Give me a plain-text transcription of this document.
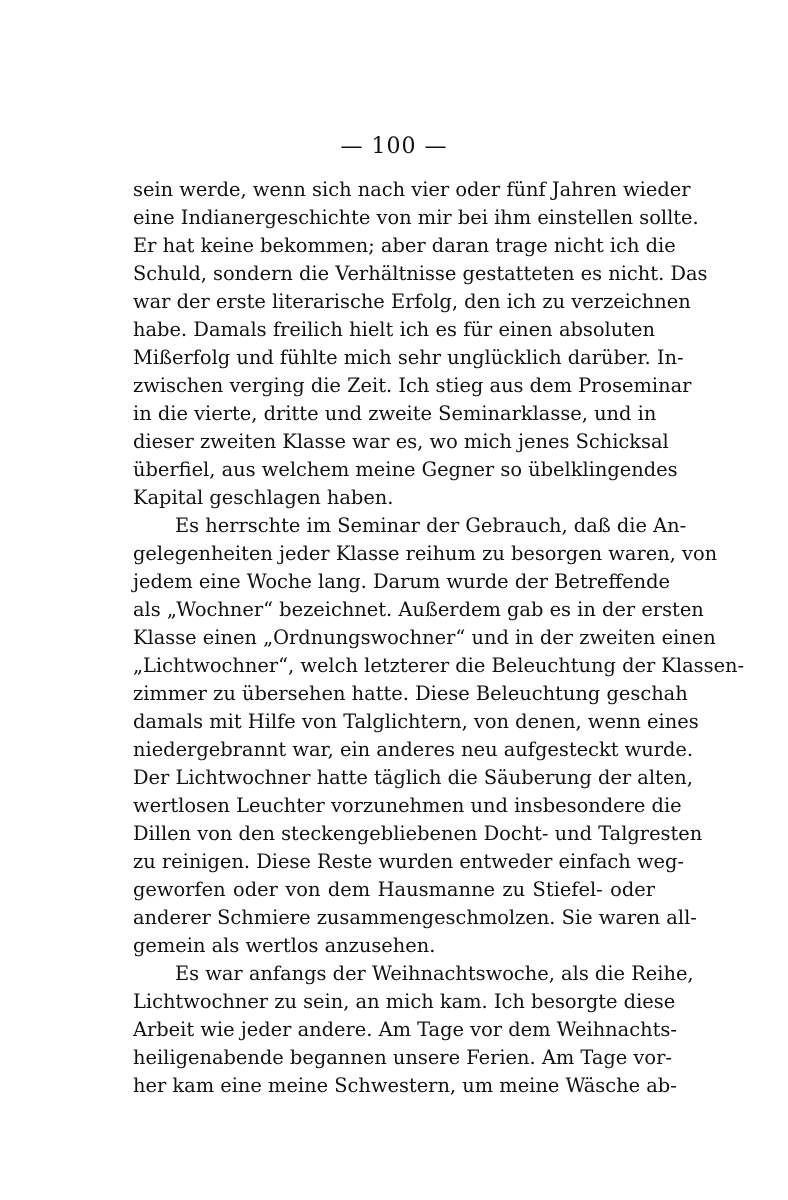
— 100 —
sein werde, wenn sich nach vier oder fünf Jahren wieder
eine Indianergeschichte von mir bei ihm einstellen sollte.
Er hat keine bekommen; aber daran trage nicht ich die
Schuld, sondern die Verhältnisse gestatteten es nicht. Das
war der erste literarische Erfolg, den ich zu verzeichnen
habe. Damals freilich hielt ich es für einen absoluten
Mißerfolg und fühlte mich sehr unglücklich darüber. In-
zwischen verging die Zeit. Ich stieg aus dem Proseminar
in die vierte, dritte und zweite Seminarklasse, und in
dieser zweiten Klasse war es, wo mich jenes Schicksal
überfiel, aus welchem meine Gegner so übelklingendes
Kapital geschlagen haben.
Es herrschte im Seminar der Gebrauch, daß die An-
gelegenheiten jeder Klasse reihum zu besorgen waren, von
jedem eine Woche lang. Darum wurde der Betreffende
als „Wochner“ bezeichnet. Außerdem gab es in der ersten
Klasse einen „Ordnungswochner“ und in der zweiten einen
„Lichtwochner“, welch letzterer die Beleuchtung der Klassen-
zimmer zu übersehen hatte. Diese Beleuchtung geschah
damals mit Hilfe von Talglichtern, von denen, wenn eines
niedergebrannt war, ein anderes neu aufgesteckt wurde.
Der Lichtwochner hatte täglich die Säuberung der alten,
wertlosen Leuchter vorzunehmen und insbesondere die
Dillen von den steckengebliebenen Docht- und Talgresten
zu reinigen. Diese Reste wurden entweder einfach weg-
geworfen oder von dem Hausmanne zu Stiefel- oder
anderer Schmiere zusammengeschmolzen. Sie waren all-
gemein als wertlos anzusehen.
Es war anfangs der Weihnachtswoche, als die Reihe,
Lichtwochner zu sein, an mich kam. Ich besorgte diese
Arbeit wie jeder andere. Am Tage vor dem Weihnachts-
heiligenabende begannen unsere Ferien. Am Tage vor-
her kam eine meine Schwestern, um meine Wäsche ab-
